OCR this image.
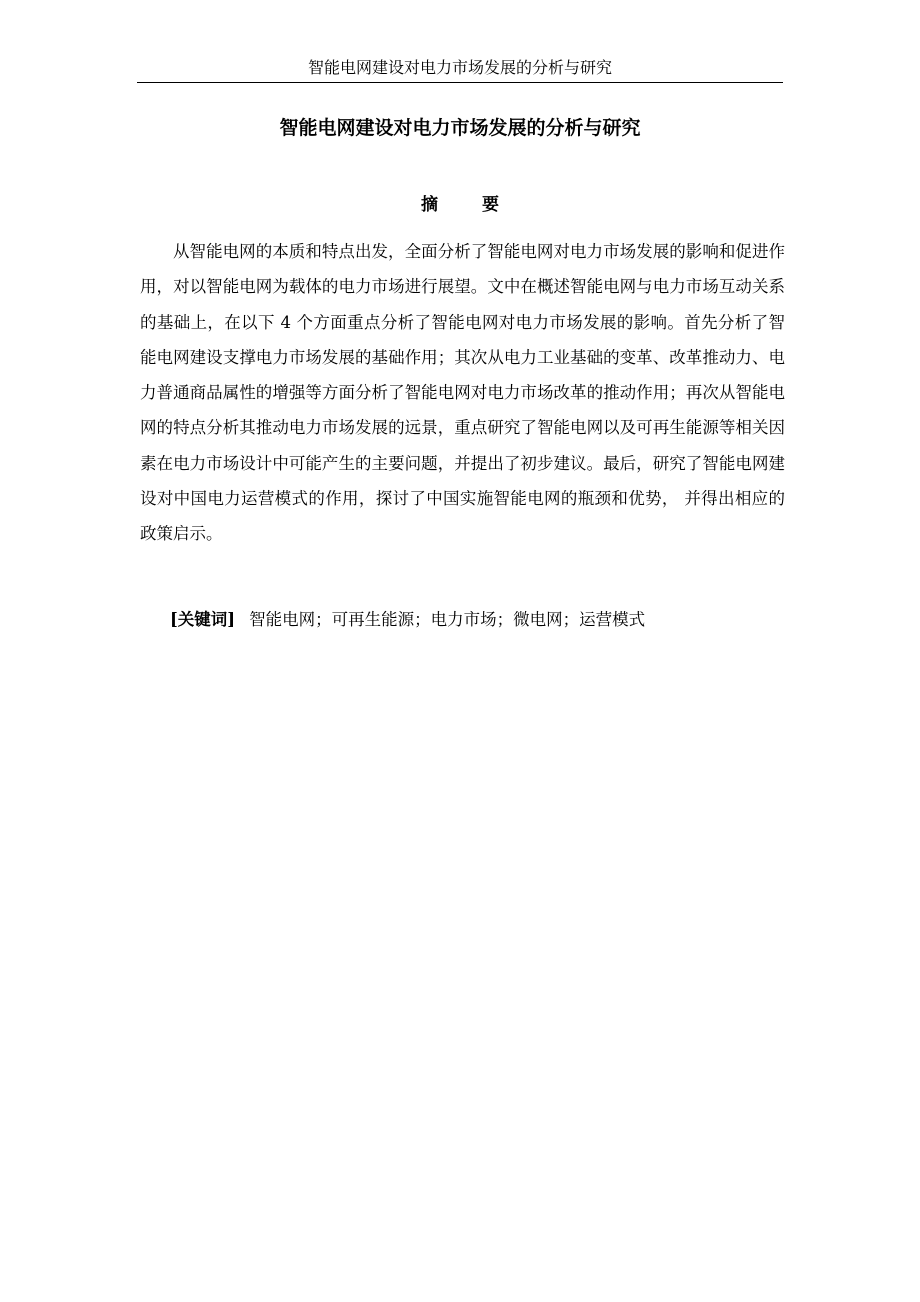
智能电网建设对电力市场发展的分析与研究
智能电网建设对电力市场发展的分析与研究
摘要

从智能电网的本质和特点出发，全面分析了智能电网对电力市场发展的影响和促进作用，对以智能电网为载体的电力市场进行展望。文中在概述智能电网与电力市场互动关系的基础上，在以下 4 个方面重点分析了智能电网对电力市场发展的影响。首先分析了智能电网建设支撑电力市场发展的基础作用；其次从电力工业基础的变革、改革推动力、电力普通商品属性的增强等方面分析了智能电网对电力市场改革的推动作用；再次从智能电网的特点分析其推动电力市场发展的远景，重点研究了智能电网以及可再生能源等相关因素在电力市场设计中可能产生的主要问题，并提出了初步建议。最后，研究了智能电网建设对中国电力运营模式的作用，探讨了中国实施智能电网的瓶颈和优势， 并得出相应的政策启示。

[关键词] 智能电网；可再生能源；电力市场；微电网；运营模式
